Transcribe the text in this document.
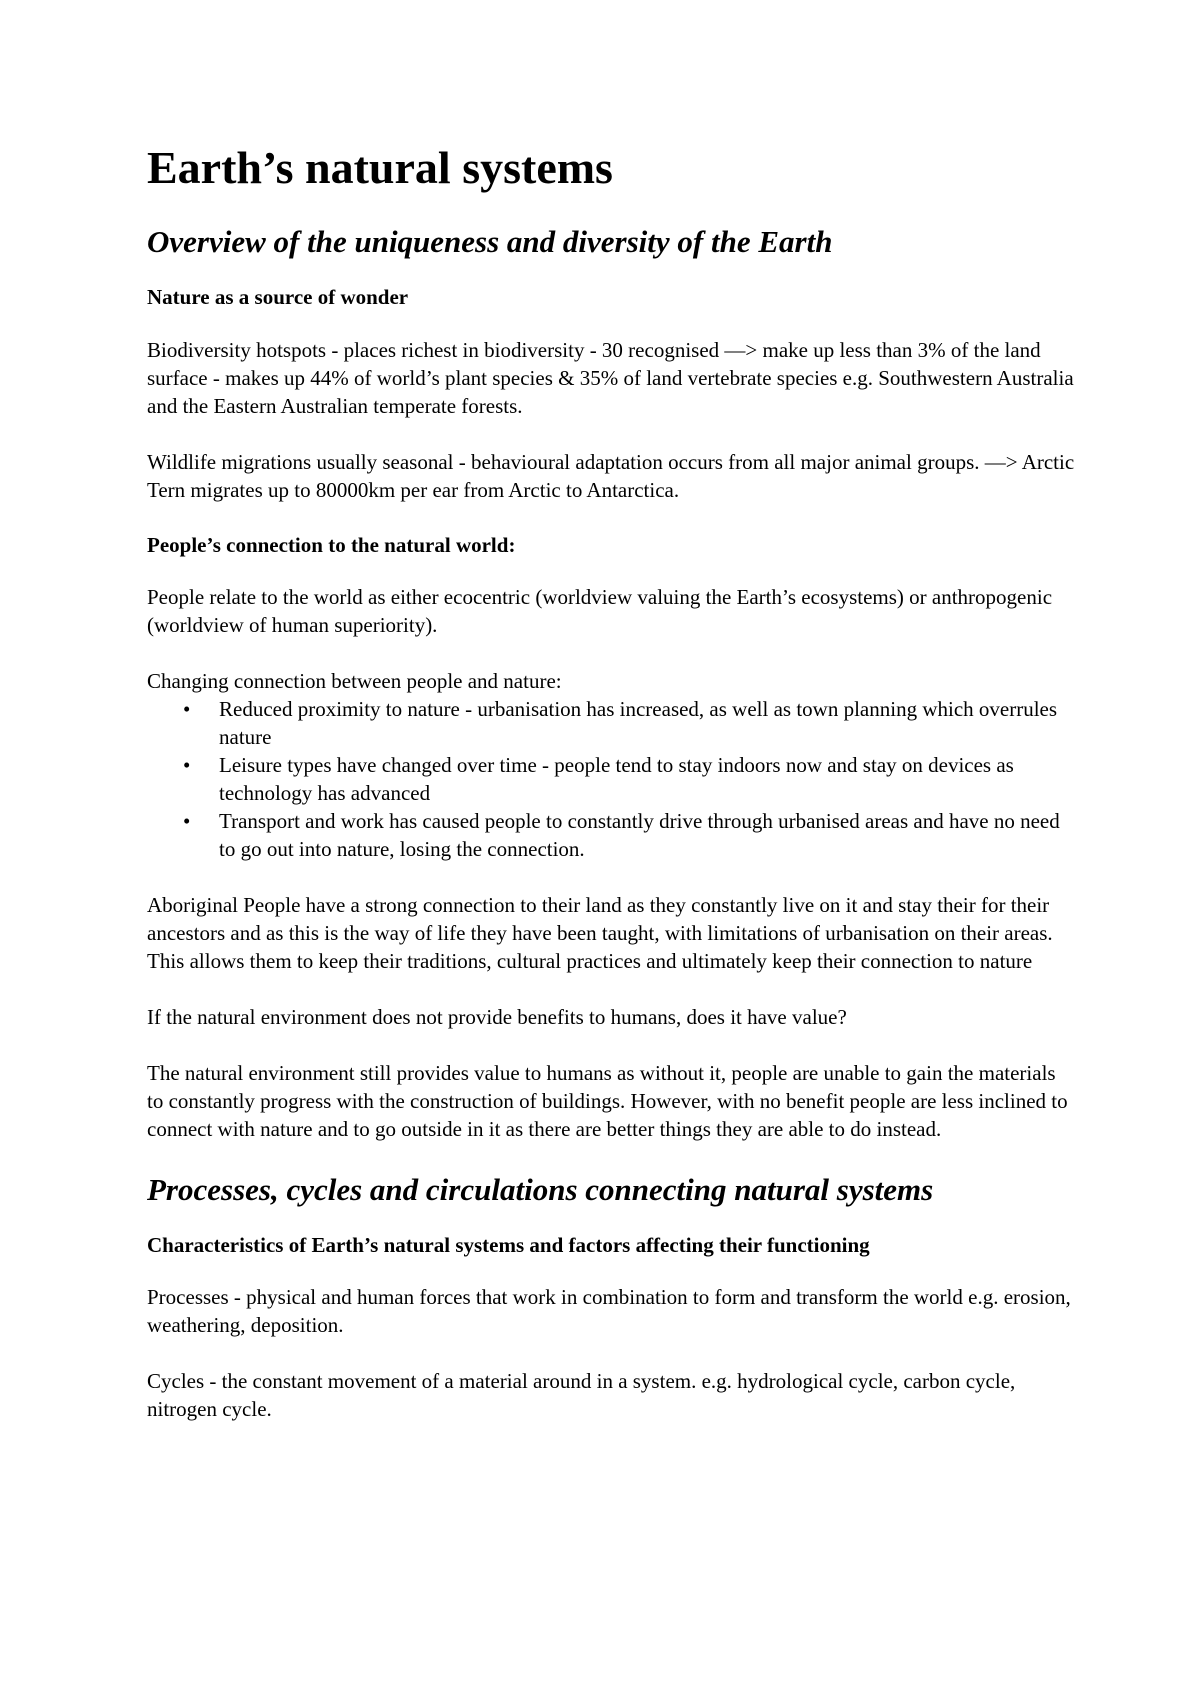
Earth’s natural systems
Overview of the uniqueness and diversity of the Earth
Nature as a source of wonder

Biodiversity hotspots - places richest in biodiversity - 30 recognised —> make up less than 3% of the land surface - makes up 44% of world’s plant species & 35% of land vertebrate species e.g. Southwestern Australia and the Eastern Australian temperate forests.

Wildlife migrations usually seasonal - behavioural adaptation occurs from all major animal groups. —> Arctic Tern migrates up to 80000km per ear from Arctic to Antarctica.

People’s connection to the natural world:

People relate to the world as either ecocentric (worldview valuing the Earth’s ecosystems) or anthropogenic (worldview of human superiority).

Changing connection between people and nature:

• Reduced proximity to nature - urbanisation has increased, as well as town planning which overrules nature
• Leisure types have changed over time - people tend to stay indoors now and stay on devices as technology has advanced
• Transport and work has caused people to constantly drive through urbanised areas and have no need to go out into nature, losing the connection.

Aboriginal People have a strong connection to their land as they constantly live on it and stay their for their ancestors and as this is the way of life they have been taught, with limitations of urbanisation on their areas. This allows them to keep their traditions, cultural practices and ultimately keep their connection to nature

If the natural environment does not provide benefits to humans, does it have value?

The natural environment still provides value to humans as without it, people are unable to gain the materials to constantly progress with the construction of buildings. However, with no benefit people are less inclined to connect with nature and to go outside in it as there are better things they are able to do instead.

Processes, cycles and circulations connecting natural systems
Characteristics of Earth’s natural systems and factors affecting their functioning

Processes - physical and human forces that work in combination to form and transform the world e.g. erosion, weathering, deposition.

Cycles - the constant movement of a material around in a system. e.g. hydrological cycle, carbon cycle, nitrogen cycle.
